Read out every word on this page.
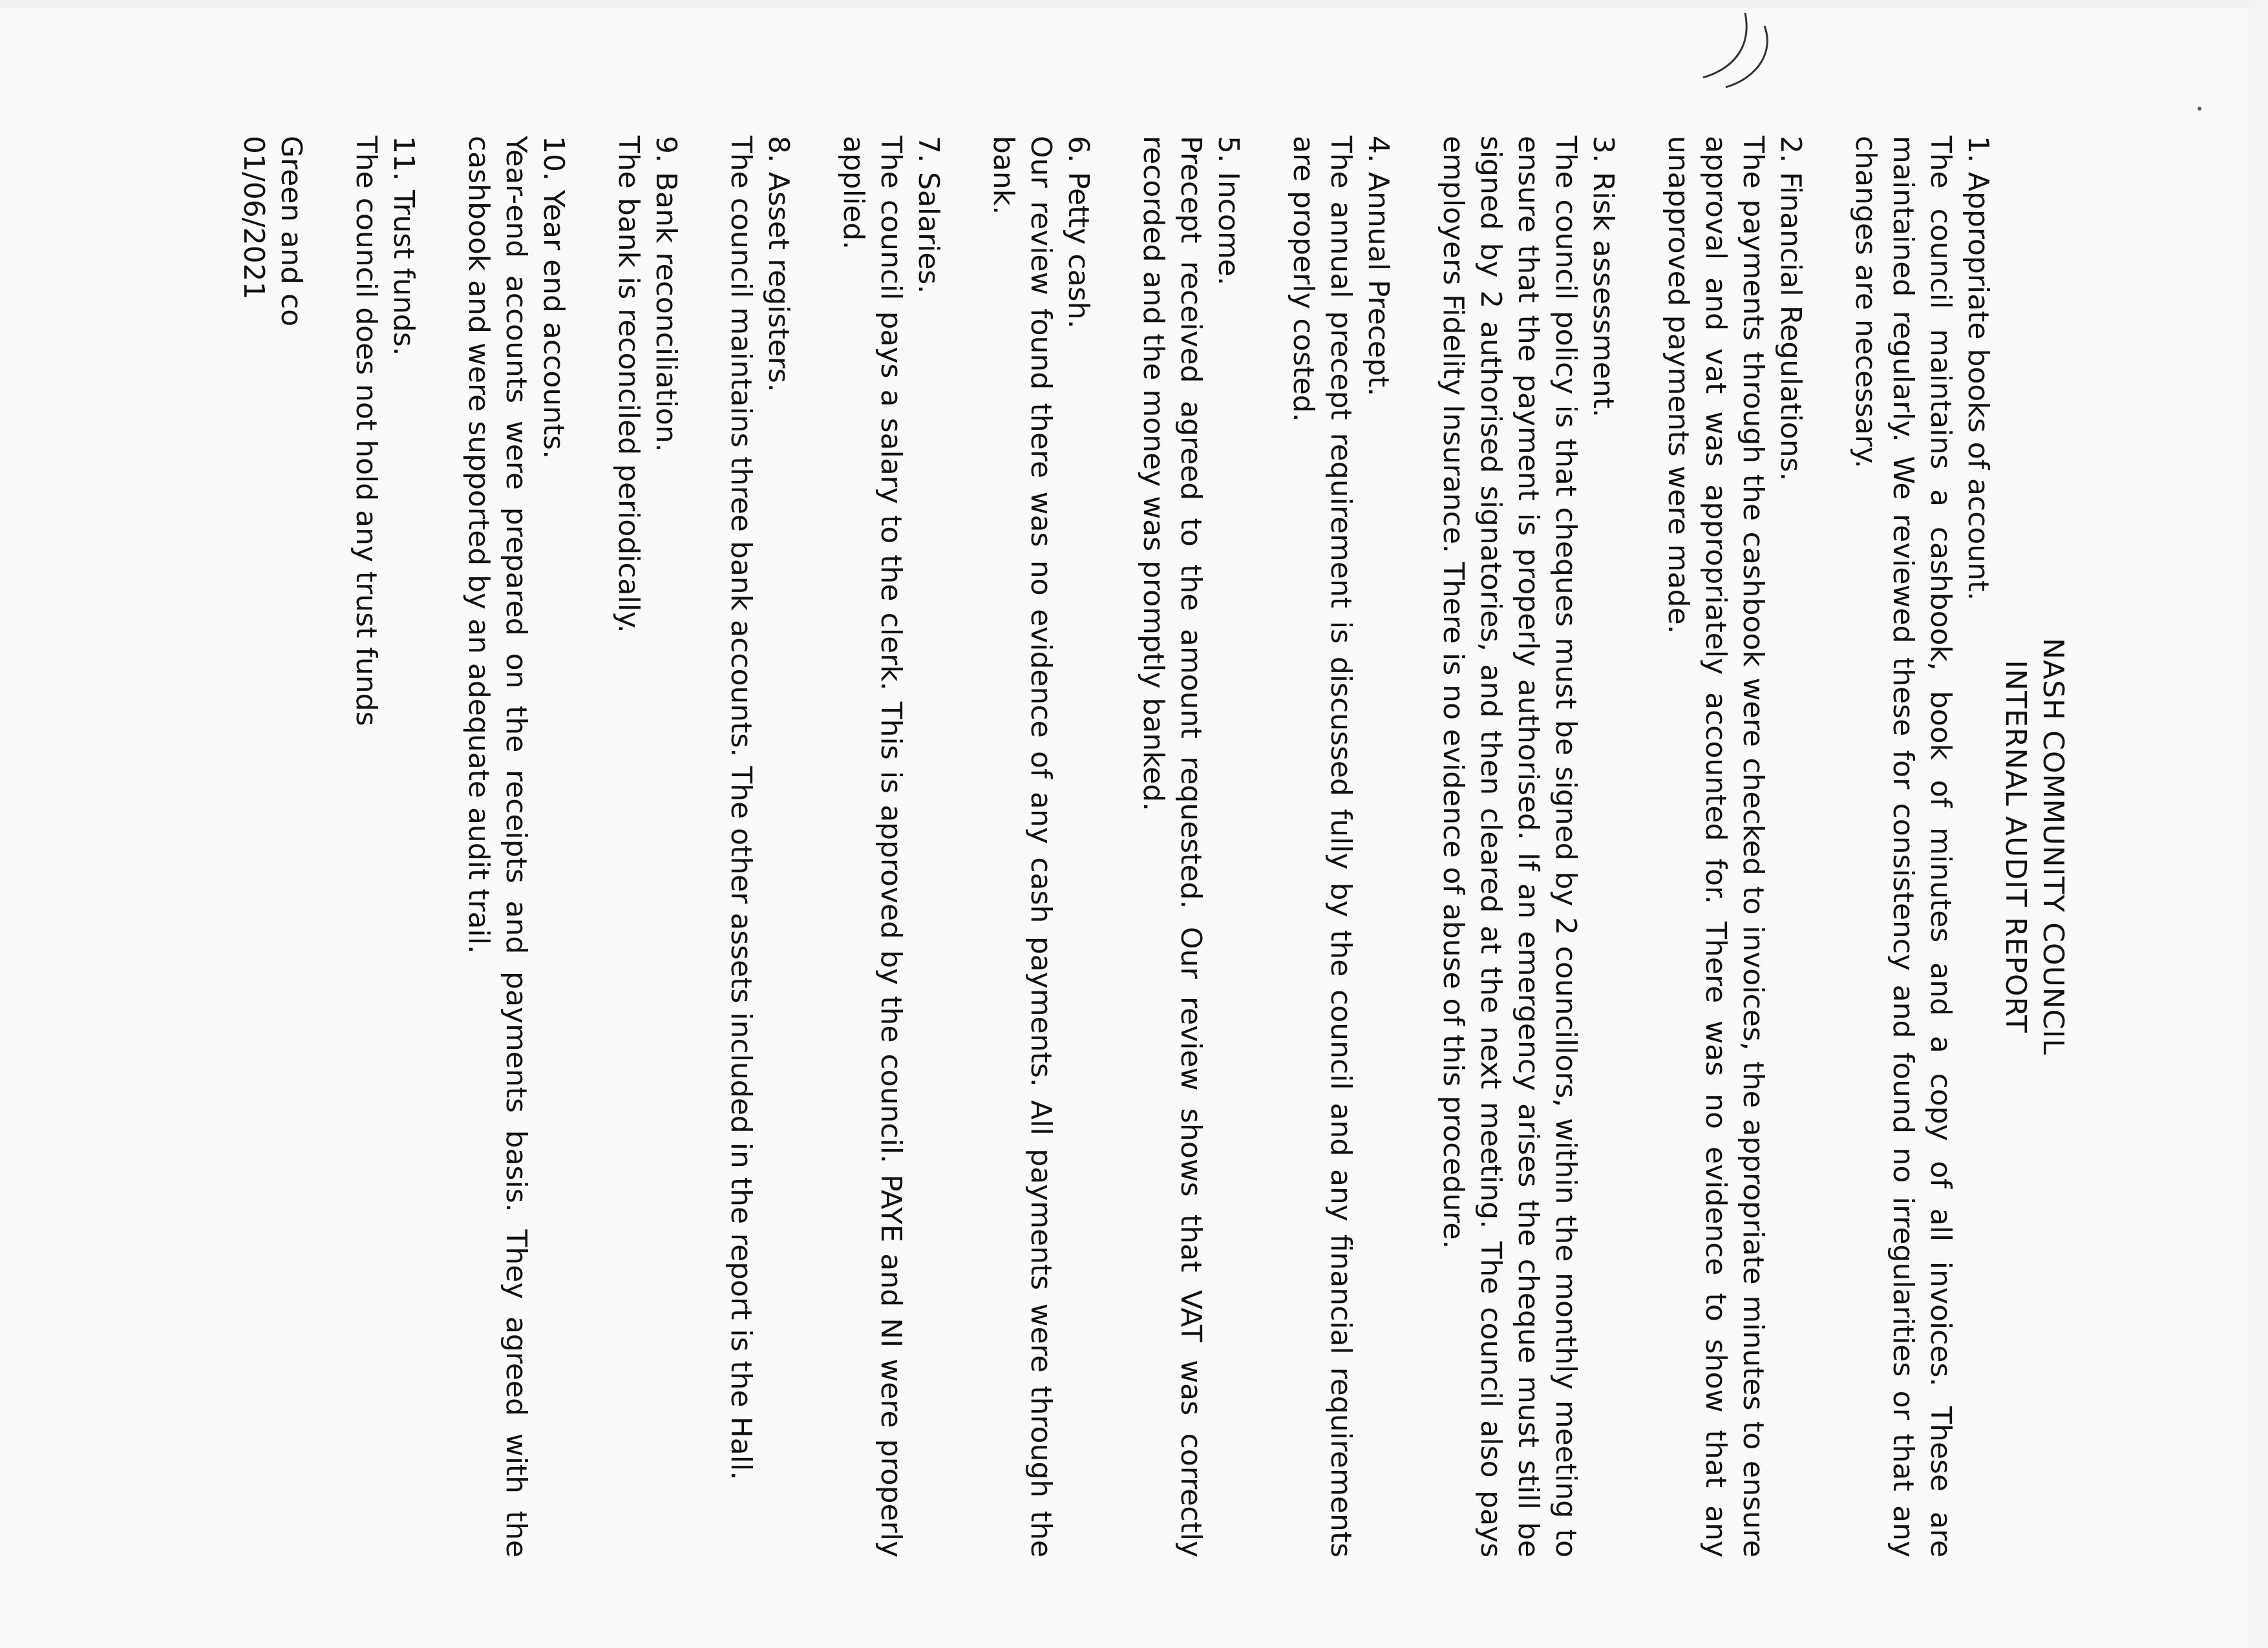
NASH COMMUNITY COUNCIL
INTERNAL AUDIT REPORT

1. Appropriate books of account.

The council maintains a cashbook, book of minutes and a copy of all invoices. These are maintained regularly. We reviewed these for consistency and found no irregularities or that any changes are necessary.

2. Financial Regulations.

The payments through the cashbook were checked to invoices, the appropriate minutes to ensure approval and vat was appropriately accounted for. There was no evidence to show that any unapproved payments were made.

3. Risk assessment.

The council policy is that cheques must be signed by 2 councillors, within the monthly meeting to ensure that the payment is properly authorised. If an emergency arises the cheque must still be signed by 2 authorised signatories, and then cleared at the next meeting. The council also pays employers Fidelity Insurance. There is no evidence of abuse of this procedure.

4. Annual Precept.

The annual precept requirement is discussed fully by the council and any financial requirements are properly costed.

5. Income.

Precept received agreed to the amount requested. Our review shows that VAT was correctly recorded and the money was promptly banked.

6. Petty cash.

Our review found there was no evidence of any cash payments. All payments were through the bank.

7. Salaries.

The council pays a salary to the clerk. This is approved by the council. PAYE and NI were properly applied.

8. Asset registers.

The council maintains three bank accounts. The other assets included in the report is the Hall.

9. Bank reconciliation.

The bank is reconciled periodically.

10. Year end accounts.

Year-end accounts were prepared on the receipts and payments basis. They agreed with the cashbook and were supported by an adequate audit trail.

11. Trust funds.

The council does not hold any trust funds

Green and co
01/06/2021
